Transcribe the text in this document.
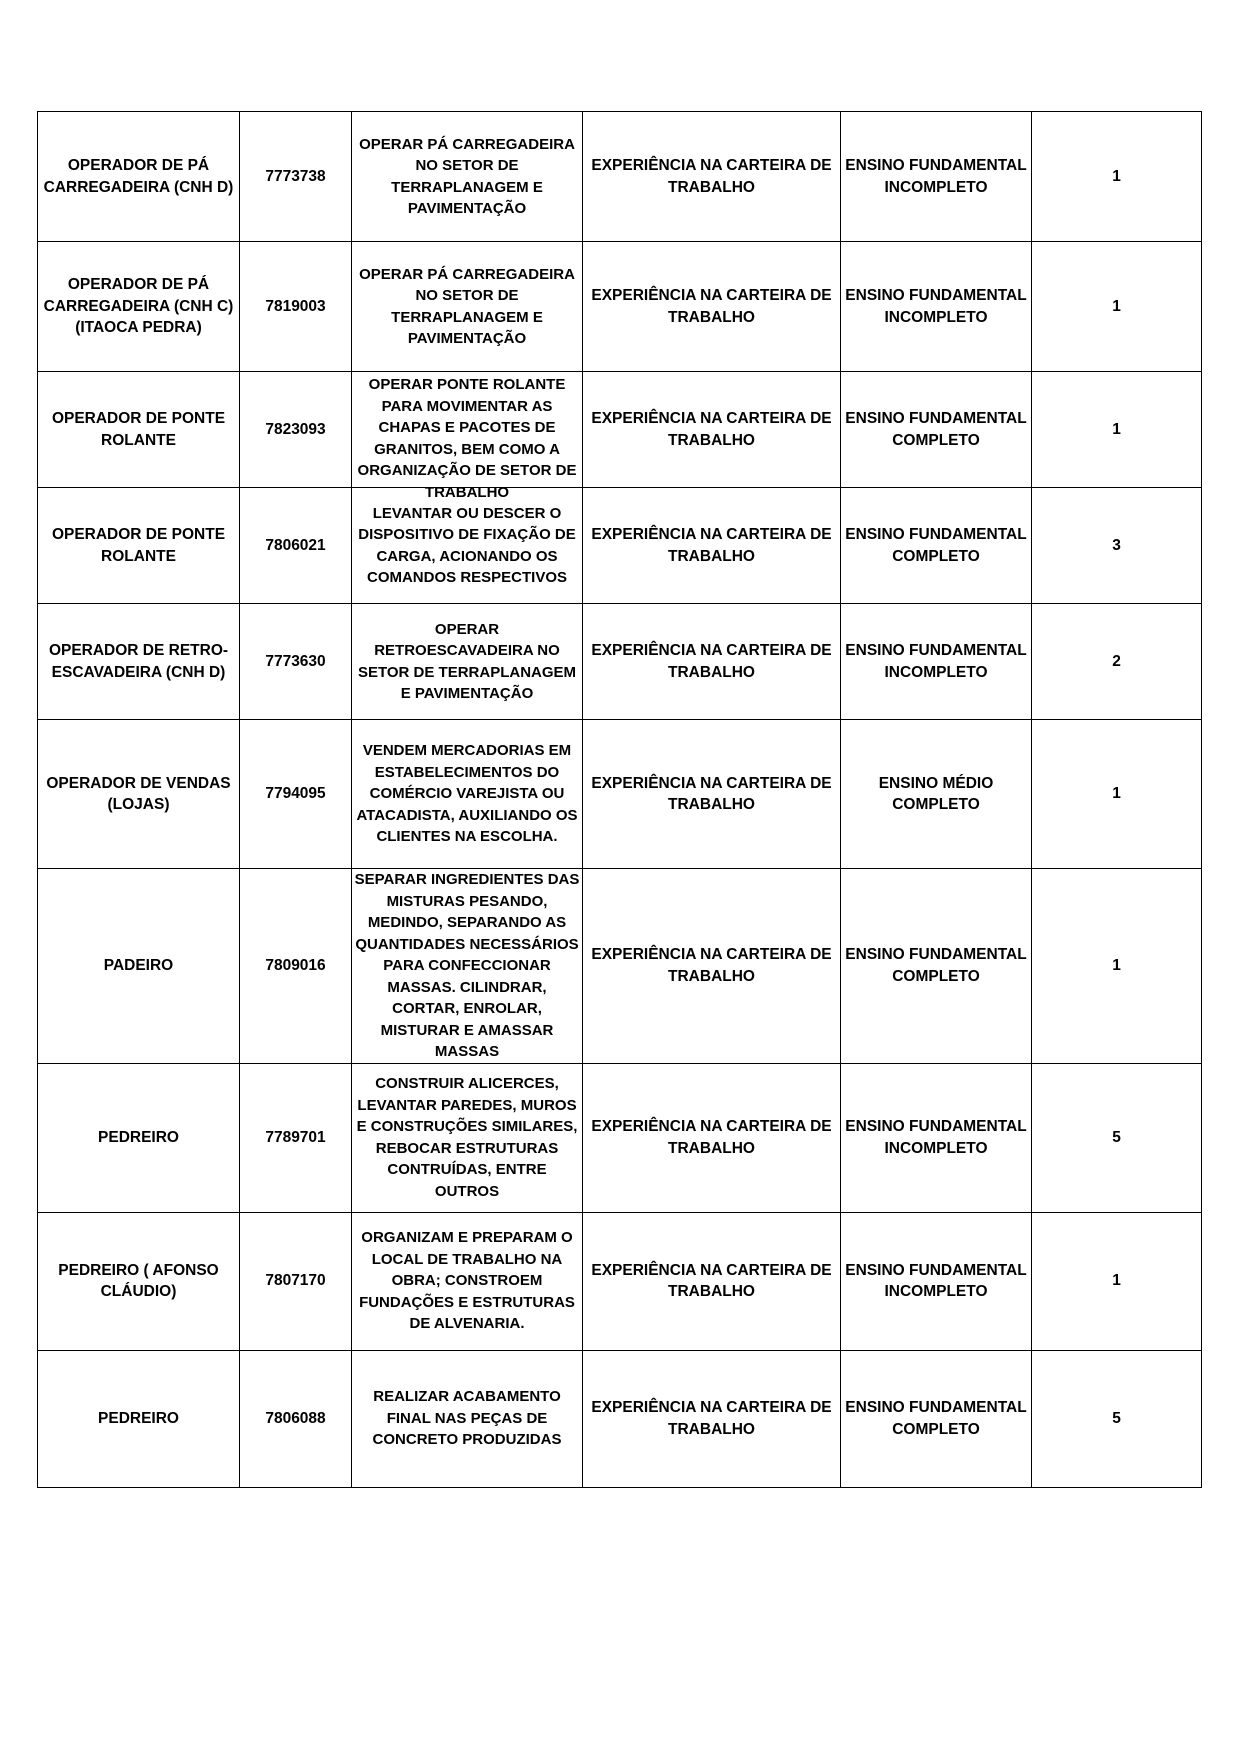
OPERADOR DE PÁ CARREGADEIRA (CNH D)	7773738	OPERAR PÁ CARREGADEIRA NO SETOR DE TERRAPLANAGEM E PAVIMENTAÇÃO	EXPERIÊNCIA NA CARTEIRA DE TRABALHO	ENSINO FUNDAMENTAL INCOMPLETO	1
OPERADOR DE PÁ CARREGADEIRA (CNH C) (ITAOCA PEDRA)	7819003	OPERAR PÁ CARREGADEIRA NO SETOR DE TERRAPLANAGEM E PAVIMENTAÇÃO	EXPERIÊNCIA NA CARTEIRA DE TRABALHO	ENSINO FUNDAMENTAL INCOMPLETO	1
OPERADOR DE PONTE ROLANTE	7823093	OPERAR PONTE ROLANTE PARA MOVIMENTAR AS CHAPAS E PACOTES DE GRANITOS, BEM COMO A ORGANIZAÇÃO DE SETOR DE TRABALHO	EXPERIÊNCIA NA CARTEIRA DE TRABALHO	ENSINO FUNDAMENTAL COMPLETO	1
OPERADOR DE PONTE ROLANTE	7806021	LEVANTAR OU DESCER O DISPOSITIVO DE FIXAÇÃO DE CARGA, ACIONANDO OS COMANDOS RESPECTIVOS	EXPERIÊNCIA NA CARTEIRA DE TRABALHO	ENSINO FUNDAMENTAL COMPLETO	3
OPERADOR DE RETRO-ESCAVADEIRA (CNH D)	7773630	OPERAR RETROESCAVADEIRA NO SETOR DE TERRAPLANAGEM E PAVIMENTAÇÃO	EXPERIÊNCIA NA CARTEIRA DE TRABALHO	ENSINO FUNDAMENTAL INCOMPLETO	2
OPERADOR DE VENDAS (LOJAS)	7794095	VENDEM MERCADORIAS EM ESTABELECIMENTOS DO COMÉRCIO VAREJISTA OU ATACADISTA, AUXILIANDO OS CLIENTES NA ESCOLHA.	EXPERIÊNCIA NA CARTEIRA DE TRABALHO	ENSINO MÉDIO COMPLETO	1
PADEIRO	7809016	SEPARAR INGREDIENTES DAS MISTURAS PESANDO, MEDINDO, SEPARANDO AS QUANTIDADES NECESSÁRIOS PARA CONFECCIONAR MASSAS. CILINDRAR, CORTAR, ENROLAR, MISTURAR E AMASSAR MASSAS	EXPERIÊNCIA NA CARTEIRA DE TRABALHO	ENSINO FUNDAMENTAL COMPLETO	1
PEDREIRO	7789701	CONSTRUIR ALICERCES, LEVANTAR PAREDES, MUROS E CONSTRUÇÕES SIMILARES, REBOCAR ESTRUTURAS CONTRUÍDAS, ENTRE OUTROS	EXPERIÊNCIA NA CARTEIRA DE TRABALHO	ENSINO FUNDAMENTAL INCOMPLETO	5
PEDREIRO ( AFONSO CLÁUDIO)	7807170	ORGANIZAM E PREPARAM O LOCAL DE TRABALHO NA OBRA; CONSTROEM FUNDAÇÕES E ESTRUTURAS DE ALVENARIA.	EXPERIÊNCIA NA CARTEIRA DE TRABALHO	ENSINO FUNDAMENTAL INCOMPLETO	1
PEDREIRO	7806088	REALIZAR ACABAMENTO FINAL NAS PEÇAS DE CONCRETO PRODUZIDAS	EXPERIÊNCIA NA CARTEIRA DE TRABALHO	ENSINO FUNDAMENTAL COMPLETO	5
